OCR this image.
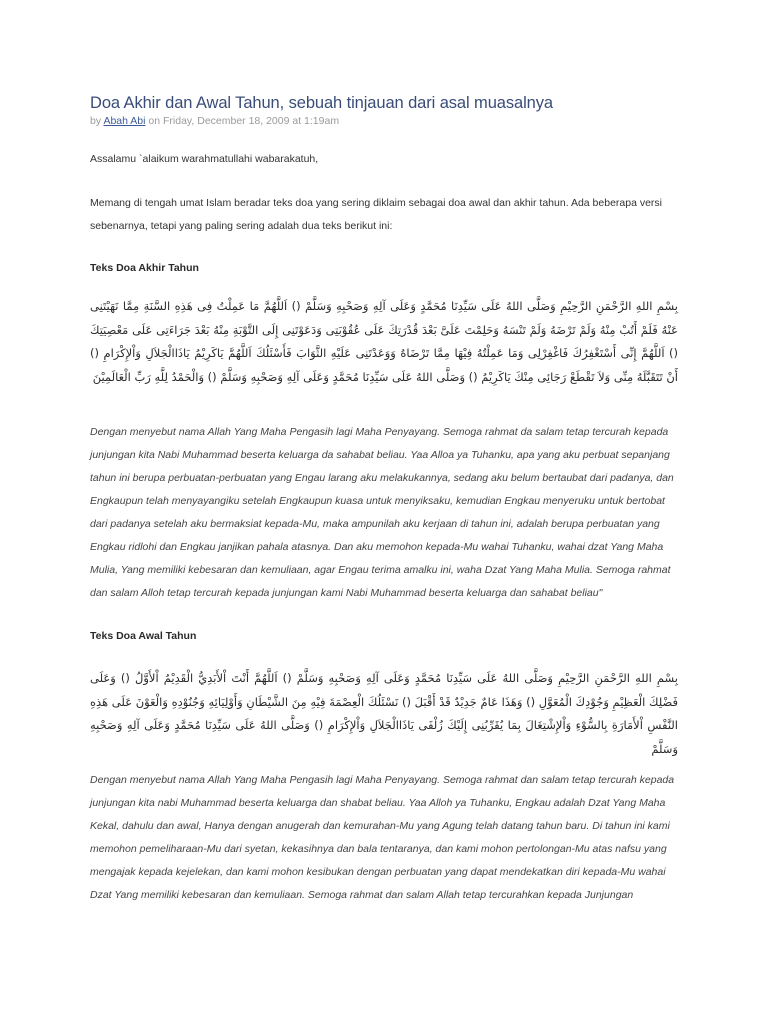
Doa Akhir dan Awal Tahun, sebuah tinjauan dari asal muasalnya
by Abah Abi on Friday, December 18, 2009 at 1:19am

Assalamu `alaikum warahmatullahi wabarakatuh,

Memang di tengah umat Islam beradar teks doa yang sering diklaim sebagai doa awal dan akhir tahun. Ada beberapa versi sebenarnya, tetapi yang paling sering adalah dua teks berikut ini:

Teks Doa Akhir Tahun

بِسْمِ اللهِ الرَّحْمَنِ الرَّحِيْمِ وَصَلَّى اللهُ عَلَى سَيِّدِنَا مُحَمَّدٍ وَعَلَى آلِهِ وَصَحْبِهِ وَسَلَّمْ () اَللَّهُمَّ مَا عَمِلْتُ فِى هَذِهِ السَّنَةِ مِمَّا نَهَيْتَنِى عَنْهُ فَلَمْ أَتُبْ مِنْهُ وَلَمْ تَرْضَهُ وَلَمْ تَنْسَهُ وَحَلِمْتَ عَلَىَّ بَعْدَ قُدْرَتِكَ عَلَى عُقُوْبَتِى وَدَعَوْتَنِى إِلَى التَّوْبَةِ مِنْهُ بَعْدَ جَرَاءَتِى عَلَى مَعْصِيَتِكَ () اَللَّهُمَّ إِنِّى أَسْتَغْفِرُكَ فَاغْفِرْلِى وَمَا عَمِلْتُهُ فِيْهَا مِمَّا تَرْضَاهُ وَوَعَدْتَنِى عَلَيْهِ الثَّوَابَ فَأَسْئَلُكَ اَللَّهُمَّ يَاكَرِيْمُ يَاذَاالْجَلاَلِ وَاْلإِكْرَامِ () أَنْ تَتَقَبَّلَهُ مِنِّى وَلاَ تَقْطَعْ رَجَائِى مِنْكَ يَاكَرِيْمُ () وَصَلَّى اللهُ عَلَى سَيِّدِنَا مُحَمَّدٍ وَعَلَى آلِهِ وَصَحْبِهِ وَسَلَّمْ () وَالْحَمْدُ لِلَّهِ رَبِّ الْعَالَمِيْنَ

Dengan menyebut nama Allah Yang Maha Pengasih lagi Maha Penyayang. Semoga rahmat da salam tetap tercurah kepada junjungan kita Nabi Muhammad beserta keluarga da sahabat beliau. Yaa Alloa ya Tuhanku, apa yang aku perbuat sepanjang tahun ini berupa perbuatan-perbuatan yang Engau larang aku melakukannya, sedang aku belum bertaubat dari padanya, dan Engkaupun telah menyayangiku setelah Engkaupun kuasa untuk menyiksaku, kemudian Engkau menyeruku untuk bertobat dari padanya setelah aku bermaksiat kepada-Mu, maka ampunilah aku kerjaan di tahun ini, adalah berupa perbuatan yang Engkau ridlohi dan Engkau janjikan pahala atasnya. Dan aku memohon kepada-Mu wahai Tuhanku, wahai dzat Yang Maha Mulia, Yang memiliki kebesaran dan kemuliaan, agar Engau terima amalku ini, waha Dzat Yang Maha Mulia. Semoga rahmat dan salam Alloh tetap tercurah kepada junjungan kami Nabi Muhammad beserta keluarga dan sahabat beliau"

Teks Doa Awal Tahun

بِسْمِ اللهِ الرَّحْمَنِ الرَّحِيْمِ وَصَلَّى اللهُ عَلَى سَيِّدِنَا مُحَمَّدٍ وَعَلَى آلِهِ وَصَحْبِهِ وَسَلَّمْ () اَللَّهُمَّ أَنْتَ اْلأَبَدِيُّ الْقَدِيْمُ اْلأَوَّلُ () وَعَلَى فَضْلِكَ الْعَظِيْمِ وَجُوْدِكَ الْمُعَوَّلِ () وَهَذَا عَامٌ جَدِيْدٌ قَدْ أَقْبَلَ () نَسْئَلُكَ الْعِصْمَةَ فِيْهِ مِنَ الشَّيْطَانِ وَأَوْلِيَائِهِ وَجُنُوْدِهِ وَالْعَوْنَ عَلَى هَذِهِ النَّفْسِ اْلأَمَارَةِ بِالسُّوْءِ وَاْلإِشْتِغَالَ بِمَا يُقَرِّبُنِى إِلَيْكَ زُلْفَى يَاذَاالْجَلاَلِ وَاْلإِكْرَامِ () وَصَلَّى اللهُ عَلَى سَيِّدِنَا مُحَمَّدٍ وَعَلَى آلِهِ وَصَحْبِهِ وَسَلَّمْ

Dengan menyebut nama Allah Yang Maha Pengasih lagi Maha Penyayang. Semoga rahmat dan salam tetap tercurah kepada junjungan kita nabi Muhammad beserta keluarga dan shabat beliau. Yaa Alloh ya Tuhanku, Engkau adalah Dzat Yang Maha Kekal, dahulu dan awal, Hanya dengan anugerah dan kemurahan-Mu yang Agung telah datang tahun baru. Di tahun ini kami memohon pemeliharaan-Mu dari syetan, kekasihnya dan bala tentaranya, dan kami mohon pertolongan-Mu atas nafsu yang mengajak kepada kejelekan, dan kami mohon kesibukan dengan perbuatan yang dapat mendekatkan diri kepada-Mu wahai Dzat Yang memiliki kebesaran dan kemuliaan. Semoga rahmat dan salam Allah tetap tercurahkan kepada Junjungan
